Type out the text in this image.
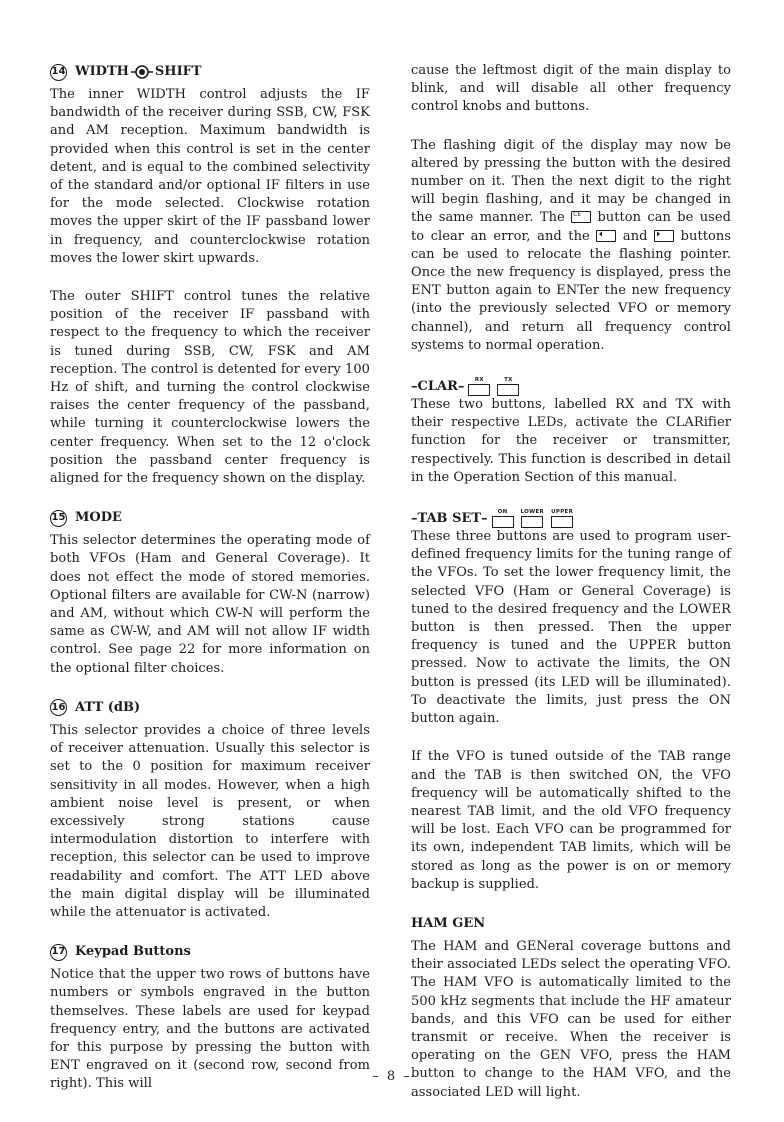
14 WIDTH SHIFT

The inner WIDTH control adjusts the IF bandwidth of the receiver during SSB, CW, FSK and AM reception. Maximum bandwidth is provided when this control is set in the center detent, and is equal to the combined selectivity of the standard and/or optional IF filters in use for the mode selected. Clockwise rotation moves the upper skirt of the IF passband lower in frequency, and counterclockwise rotation moves the lower skirt upwards.

The outer SHIFT control tunes the relative position of the receiver IF passband with respect to the frequency to which the receiver is tuned during SSB, CW, FSK and AM reception. The control is detented for every 100 Hz of shift, and turning the control clockwise raises the center frequency of the passband, while turning it counterclockwise lowers the center frequency. When set to the 12 o'clock position the passband center frequency is aligned for the frequency shown on the display.

15 MODE

This selector determines the operating mode of both VFOs (Ham and General Coverage). It does not effect the mode of stored memories. Optional filters are available for CW-N (narrow) and AM, without which CW-N will perform the same as CW-W, and AM will not allow IF width control. See page 22 for more information on the optional filter choices.

16 ATT (dB)

This selector provides a choice of three levels of receiver attenuation. Usually this selector is set to the 0 position for maximum receiver sensitivity in all modes. However, when a high ambient noise level is present, or when excessively strong stations cause intermodulation distortion to interfere with reception, this selector can be used to improve readability and comfort. The ATT LED above the main digital display will be illuminated while the attenuator is activated.

17 Keypad Buttons

Notice that the upper two rows of buttons have numbers or symbols engraved in the button themselves. These labels are used for keypad frequency entry, and the buttons are activated for this purpose by pressing the button with ENT engraved on it (second row, second from right). This will

cause the leftmost digit of the main display to blink, and will disable all other frequency control knobs and buttons.

The flashing digit of the display may now be altered by pressing the button with the desired number on it. Then the next digit to the right will begin flashing, and it may be changed in the same manner. The CE button can be used to clear an error, and the	and	buttons can be used to relocate the flashing pointer. Once the new frequency is displayed, press the ENT button again to ENTer the new frequency (into the previously selected VFO or memory channel), and return all frequency control systems to normal operation.

–CLAR– RX	TX

These two buttons, labelled RX and TX with their respective LEDs, activate the CLARifier function for the receiver or transmitter, respectively. This function is described in detail in the Operation Section of this manual.

–TAB SET– ON LOWER UPPER

These three buttons are used to program user-defined frequency limits for the tuning range of the VFOs. To set the lower frequency limit, the selected VFO (Ham or General Coverage) is tuned to the desired frequency and the LOWER button is then pressed. Then the upper frequency is tuned and the UPPER button pressed. Now to activate the limits, the ON button is pressed (its LED will be illuminated). To deactivate the limits, just press the ON button again.

If the VFO is tuned outside of the TAB range and the TAB is then switched ON, the VFO frequency will be automatically shifted to the nearest TAB limit, and the old VFO frequency will be lost. Each VFO can be programmed for its own, independent TAB limits, which will be stored as long as the power is on or memory backup is supplied.

HAM GEN

The HAM and GENeral coverage buttons and their associated LEDs select the operating VFO. The HAM VFO is automatically limited to the 500 kHz segments that include the HF amateur bands, and this VFO can be used for either transmit or receive. When the receiver is operating on the GEN VFO, press the HAM button to change to the HAM VFO, and the associated LED will light.

– 8 –
